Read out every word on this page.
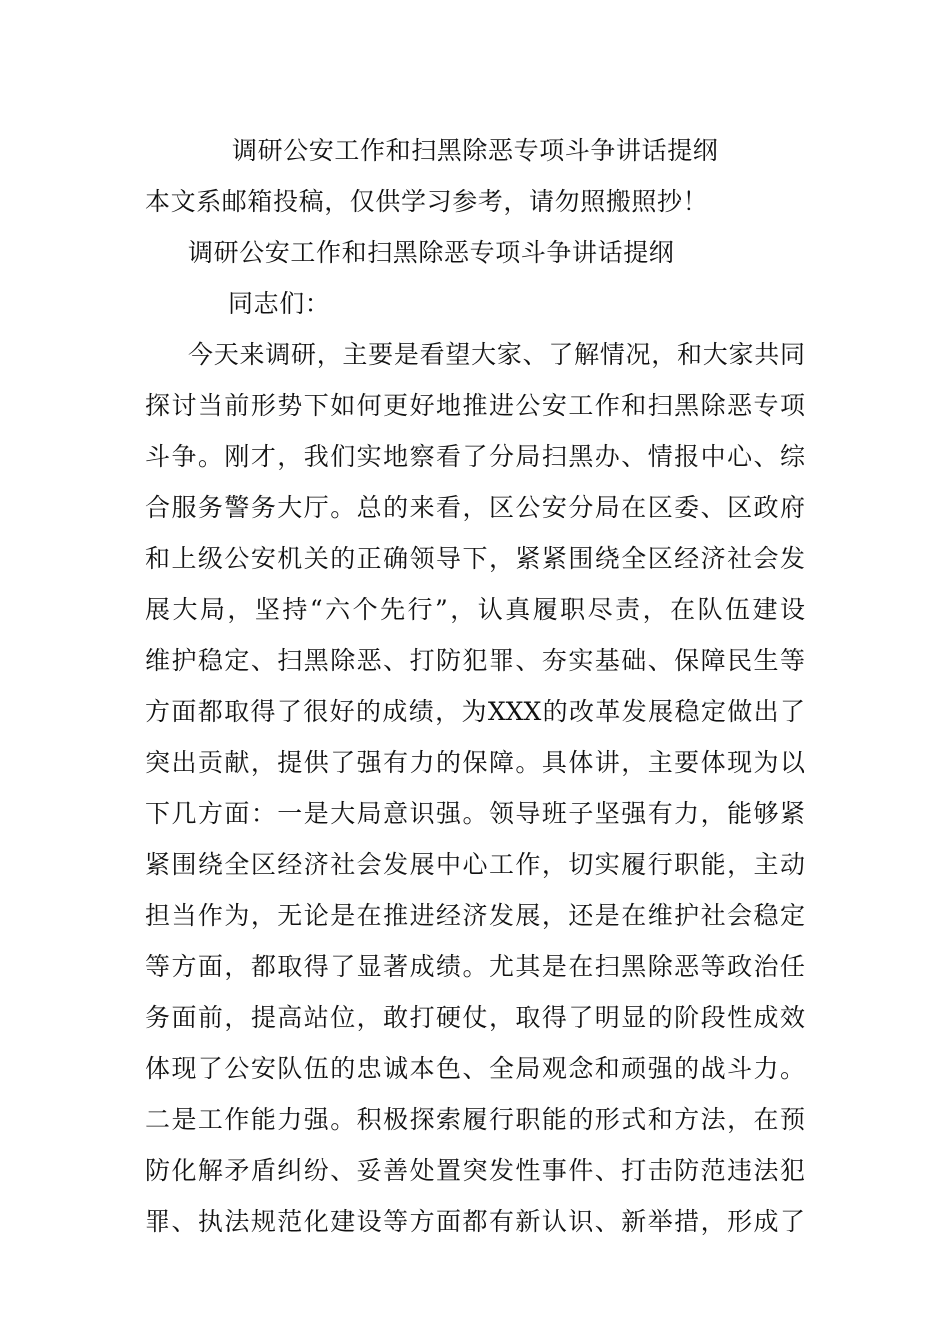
调研公安工作和扫黑除恶专项斗争讲话提纲
本文系邮箱投稿，仅供学习参考，请勿照搬照抄！
调研公安工作和扫黑除恶专项斗争讲话提纲
同志们：
今天来调研，主要是看望大家、了解情况，和大家共同
探讨当前形势下如何更好地推进公安工作和扫黑除恶专项
斗争。刚才，我们实地察看了分局扫黑办、情报中心、综
合服务警务大厅。总的来看，区公安分局在区委、区政府
和上级公安机关的正确领导下，紧紧围绕全区经济社会发
展大局，坚持“六个先行”，认真履职尽责，在队伍建设
维护稳定、扫黑除恶、打防犯罪、夯实基础、保障民生等
方面都取得了很好的成绩，为XXX的改革发展稳定做出了
突出贡献，提供了强有力的保障。具体讲，主要体现为以
下几方面：一是大局意识强。领导班子坚强有力，能够紧
紧围绕全区经济社会发展中心工作，切实履行职能，主动
担当作为，无论是在推进经济发展，还是在维护社会稳定
等方面，都取得了显著成绩。尤其是在扫黑除恶等政治任
务面前，提高站位，敢打硬仗，取得了明显的阶段性成效
体现了公安队伍的忠诚本色、全局观念和顽强的战斗力。
二是工作能力强。积极探索履行职能的形式和方法，在预
防化解矛盾纠纷、妥善处置突发性事件、打击防范违法犯
罪、执法规范化建设等方面都有新认识、新举措，形成了
